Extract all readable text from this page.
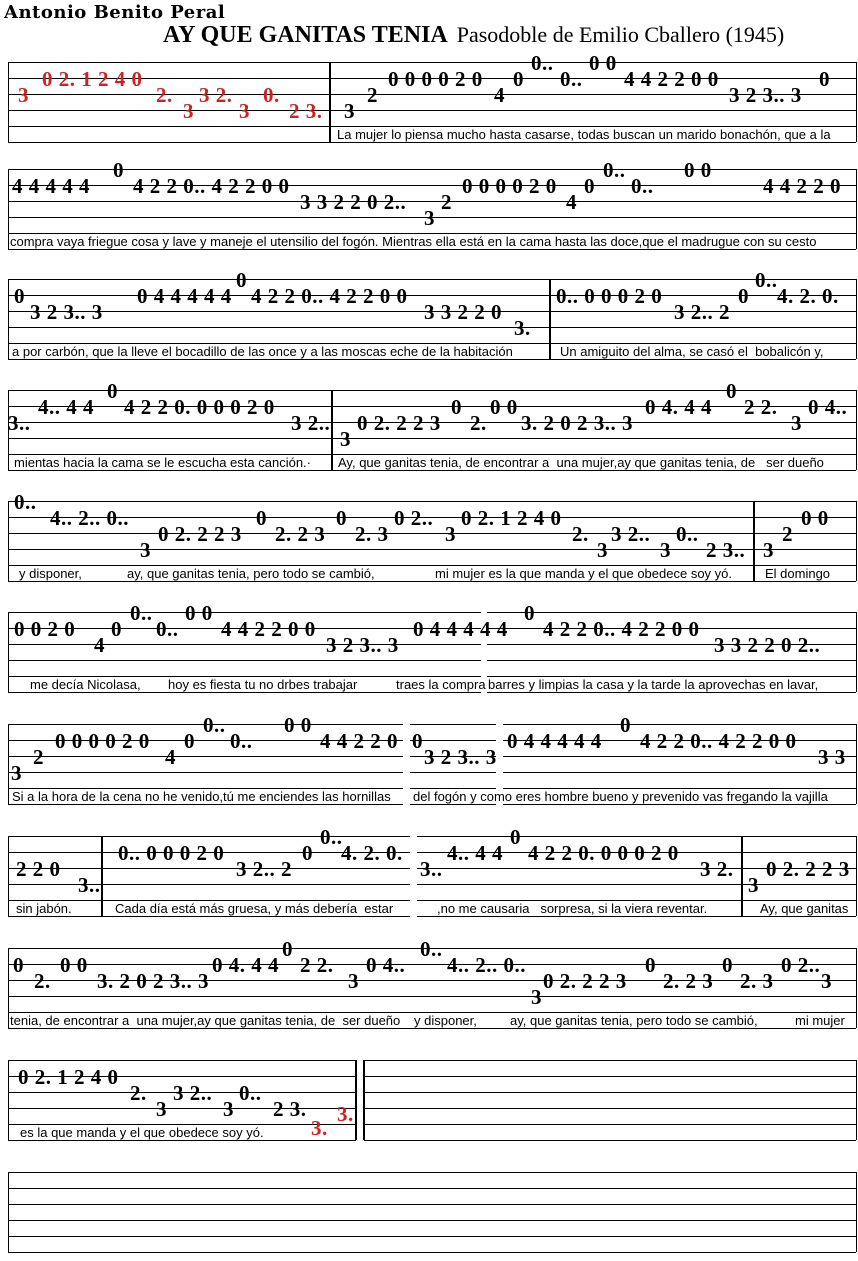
Antonio Benito Peral
AY QUE GANITAS TENIA Pasodoble de Emilio Cballero (1945)
3
0 2. 1 2 4 0
2.
3
3 2.
3
0.
2 3. 3
2
0 0 0 0 2 0
4
0
0..
0..
0 0
4 4 2 2 0 0
3 2 3.. 3
0
La mujer lo piensa mucho hasta casarse, todas buscan un marido bonachón, que a la
4 4 4 4 4
0
4 2 2 0.. 4 2 2 0 0
3 3 2 2 0 2..
3
2
0 0 0 0 2 0
4
0
0..
0..
0 0
4 4 2 2 0
compra vaya friegue cosa y lave y maneje el utensilio del fogón. Mientras ella está en la cama hasta las doce,que el madrugue con su cesto
0
3 2 3.. 3
0 4 4 4 4 4
0
4 2 2 0.. 4 2 2 0 0
3 3 2 2 0
3.
0.. 0 0 0 2 0
3 2.. 2
0
0..
4. 2. 0.
a por carbón, que la lleve el bocadillo de las once y a las moscas eche de la habitación	Un amiguito del alma, se casó el  bobalicón y,
3..
4.. 4 4
0
4 2 2 0. 0 0 0 2 0
3 2..
3
0 2. 2 2 3
0
2.
0 0
3. 2 0 2 3.. 3
0 4. 4 4
0
2 2.
3
0 4..
mientas hacia la cama se le escucha esta canción.· Ay, que ganitas tenia, de encontrar a  una mujer,ay que ganitas tenia, de   ser dueño
0..
4.. 2.. 0..
3
0 2. 2 2 3
0
2. 2 3
0
2. 3
0 2..
3
0 2. 1 2 4 0
2.
3
3 2..
3
0..
2 3.. 3
2
0 0
y disponer,	ay, que ganitas tenia, pero todo se cambió,	mi mujer es la que manda y el que obedece soy yó.	El domingo
0 0 2 0
4
0
0..
0..
0 0
4 4 2 2 0 0
3 2 3.. 3
0 4 4 4 4 4
0
4 2 2 0.. 4 2 2 0 0
3 3 2 2 0 2..
me decía Nicolasa, hoy es fiesta tu no drbes trabajar	traes la compra barres y limpias la casa y la tarde la aprovechas en lavar,
3
2
0 0 0 0 2 0
4
0
0..
0..
0 0
4 4 2 2 0 0
3 2 3.. 3
0 4 4 4 4 4
0
4 2 2 0.. 4 2 2 0 0
3 3
Si a la hora de la cena no he venido,tú me enciendes las hornillas del fogón y como eres hombre bueno y prevenido vas fregando la vajilla
2 2 0
3..
0.. 0 0 0 2 0
3 2.. 2
0
0..
4. 2. 0.
3..
4.. 4 4
0
4 2 2 0. 0 0 0 2 0
3 2.
3
0 2. 2 2 3
sin jabón.	Cada día está más gruesa, y más debería  estar	,no me causaria   sorpresa, si la viera reventar.	Ay, que ganitas
0
2.
0 0
3. 2 0 2 3.. 3
0 4. 4 4
0
2 2.
3
0 4..
0..
4.. 2.. 0..
3
0 2. 2 2 3
0
2. 2 3
0
2. 3
0 2..
3
tenia, de encontrar a  una mujer,ay que ganitas tenia, de  ser dueño y disponer,	ay, que ganitas tenia, pero todo se cambió,	mi mujer
0 2. 1 2 4 0
2.
3
3 2..
3
0..
2 3.
3.
3.
es la que manda y el que obedece soy yó.
